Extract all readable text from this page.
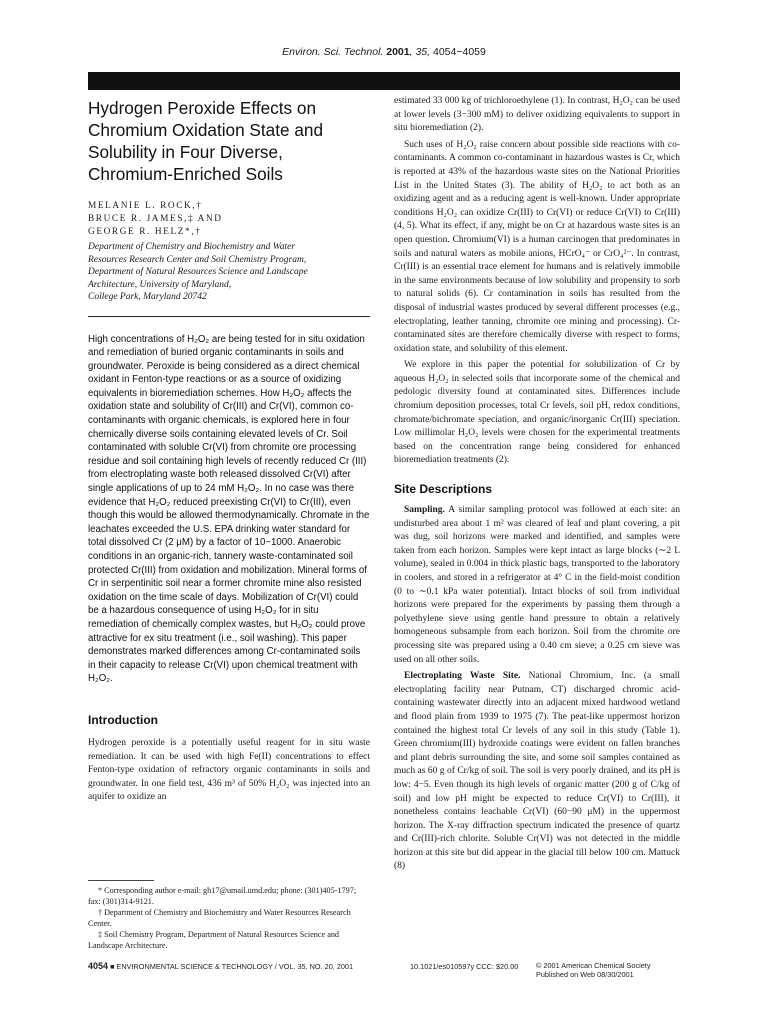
Environ. Sci. Technol. 2001, 35, 4054−4059
Hydrogen Peroxide Effects on Chromium Oxidation State and Solubility in Four Diverse, Chromium-Enriched Soils
MELANIE L. ROCK,†
BRUCE R. JAMES,‡ AND
GEORGE R. HELZ*,†
Department of Chemistry and Biochemistry and Water
Resources Research Center and Soil Chemistry Program,
Department of Natural Resources Science and Landscape
Architecture, University of Maryland,
College Park, Maryland 20742

High concentrations of H₂O₂ are being tested for in situ oxidation and remediation of buried organic contaminants in soils and groundwater. Peroxide is being considered as a direct chemical oxidant in Fenton-type reactions or as a source of oxidizing equivalents in bioremediation schemes. How H₂O₂ affects the oxidation state and solubility of Cr(III) and Cr(VI), common co-contaminants with organic chemicals, is explored here in four chemically diverse soils containing elevated levels of Cr. Soil contaminated with soluble Cr(VI) from chromite ore processing residue and soil containing high levels of recently reduced Cr (III) from electroplating waste both released dissolved Cr(VI) after single applications of up to 24 mM H₂O₂. In no case was there evidence that H₂O₂ reduced preexisting Cr(VI) to Cr(III), even though this would be allowed thermodynamically. Chromate in the leachates exceeded the U.S. EPA drinking water standard for total dissolved Cr (2 μM) by a factor of 10−1000. Anaerobic conditions in an organic-rich, tannery waste-contaminated soil protected Cr(III) from oxidation and mobilization. Mineral forms of Cr in serpentinitic soil near a former chromite mine also resisted oxidation on the time scale of days. Mobilization of Cr(VI) could be a hazardous consequence of using H₂O₂ for in situ remediation of chemically complex wastes, but H₂O₂ could prove attractive for ex situ treatment (i.e., soil washing). This paper demonstrates marked differences among Cr-contaminated soils in their capacity to release Cr(VI) upon chemical treatment with H₂O₂.

Introduction

Hydrogen peroxide is a potentially useful reagent for in situ waste remediation. It can be used with high Fe(II) concentrations to effect Fenton-type oxidation of refractory organic contaminants in soils and groundwater. In one field test, 436 m³ of 50% H₂O₂ was injected into an aquifer to oxidize an

* Corresponding author e-mail: gh17@umail.umd.edu; phone: (301)405-1797; fax: (301)314-9121.

† Department of Chemistry and Biochemistry and Water Resources Research Center.

‡ Soil Chemistry Program, Department of Natural Resources Science and Landscape Architecture.

estimated 33 000 kg of trichloroethylene (1). In contrast, H₂O₂ can be used at lower levels (3−300 mM) to deliver oxidizing equivalents to support in situ bioremediation (2).

Such uses of H₂O₂ raise concern about possible side reactions with co-contaminants. A common co-contaminant in hazardous wastes is Cr, which is reported at 43% of the hazardous waste sites on the National Priorities List in the United States (3). The ability of H₂O₂ to act both as an oxidizing agent and as a reducing agent is well-known. Under appropriate conditions H₂O₂ can oxidize Cr(III) to Cr(VI) or reduce Cr(VI) to Cr(III) (4, 5). What its effect, if any, might be on Cr at hazardous waste sites is an open question. Chromium(VI) is a human carcinogen that predominates in soils and natural waters as mobile anions, HCrO₄⁻ or CrO₄²⁻. In contrast, Cr(III) is an essential trace element for humans and is relatively immobile in the same environments because of low solubility and propensity to sorb to natural solids (6). Cr contamination in soils has resulted from the disposal of industrial wastes produced by several different processes (e.g., electroplating, leather tanning, chromite ore mining and processing). Cr-contaminated sites are therefore chemically diverse with respect to forms, oxidation state, and solubility of this element.

We explore in this paper the potential for solubilization of Cr by aqueous H₂O₂ in selected soils that incorporate some of the chemical and pedologic diversity found at contaminated sites. Differences include chromium deposition processes, total Cr levels, soil pH, redox conditions, chromate/bichromate speciation, and organic/inorganic Cr(III) speciation. Low millimolar H₂O₂ levels were chosen for the experimental treatments based on the concentration range being considered for enhanced bioremediation treatments (2).

Site Descriptions

Sampling. A similar sampling protocol was followed at each site: an undisturbed area about 1 m² was cleared of leaf and plant covering, a pit was dug, soil horizons were marked and identified, and samples were taken from each horizon. Samples were kept intact as large blocks (∼2 L volume), sealed in 0.004 in thick plastic bags, transported to the laboratory in coolers, and stored in a refrigerator at 4° C in the field-moist condition (0 to ∼0.1 kPa water potential). Intact blocks of soil from individual horizons were prepared for the experiments by passing them through a polyethylene sieve using gentle hand pressure to obtain a relatively homogeneous subsample from each horizon. Soil from the chromite ore processing site was prepared using a 0.40 cm sieve; a 0.25 cm sieve was used on all other soils.

Electroplating Waste Site. National Chromium, Inc. (a small electroplating facility near Putnam, CT) discharged chromic acid-containing wastewater directly into an adjacent mixed hardwood wetland and flood plain from 1939 to 1975 (7). The peat-like uppermost horizon contained the highest total Cr levels of any soil in this study (Table 1). Green chromium(III) hydroxide coatings were evident on fallen branches and plant debris surrounding the site, and some soil samples contained as much as 60 g of Cr/kg of soil. The soil is very poorly drained, and its pH is low: 4−5. Even though its high levels of organic matter (200 g of C/kg of soil) and low pH might be expected to reduce Cr(VI) to Cr(III), it nonetheless contains leachable Cr(VI) (60−90 μM) in the uppermost horizon. The X-ray diffraction spectrum indicated the presence of quartz and Cr(III)-rich chlorite. Soluble Cr(VI) was not detected in the middle horizon at this site but did appear in the glacial till below 100 cm. Mattuck (8)

4054 ■ ENVIRONMENTAL SCIENCE & TECHNOLOGY / VOL. 35, NO. 20, 2001	10.1021/es010597y CCC: $20.00 © 2001 American Chemical Society
Published on Web 08/30/2001
